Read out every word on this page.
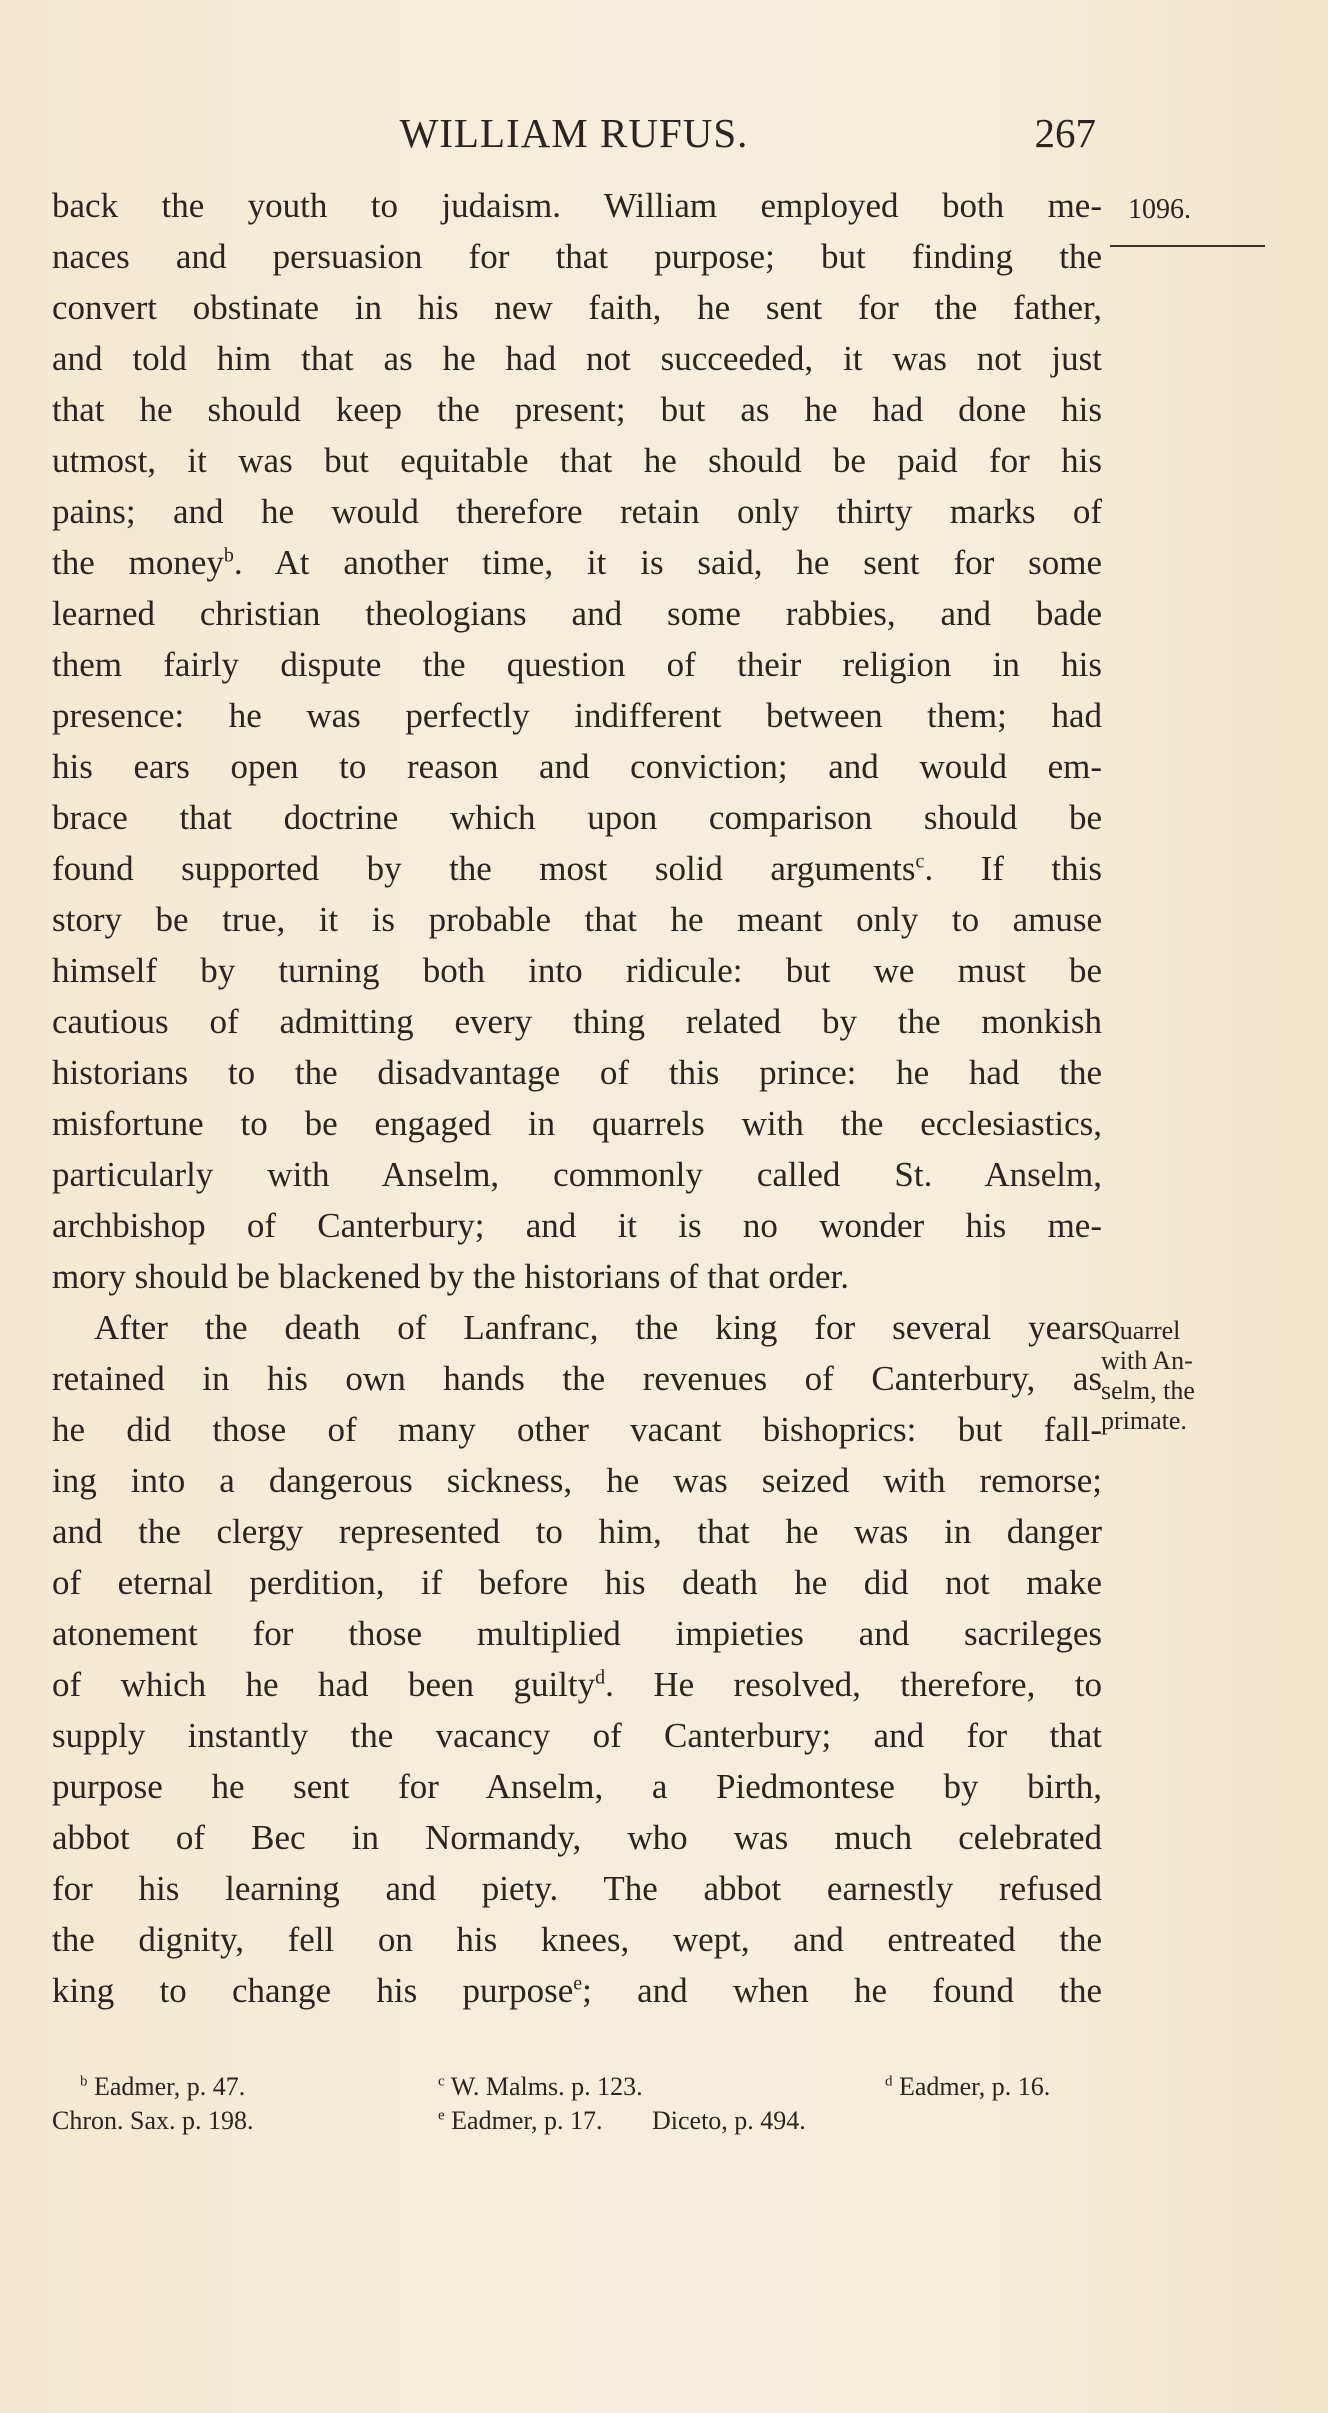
WILLIAM RUFUS.	267
1096.
back the youth to judaism. William employed both me-
naces and persuasion for that purpose; but finding the
convert obstinate in his new faith, he sent for the father,
and told him that as he had not succeeded, it was not just
that he should keep the present; but as he had done his
utmost, it was but equitable that he should be paid for his
pains; and he would therefore retain only thirty marks of
the money$^b$. At another time, it is said, he sent for some
learned christian theologians and some rabbies, and bade
them fairly dispute the question of their religion in his
presence: he was perfectly indifferent between them; had
his ears open to reason and conviction; and would em-
brace that doctrine which upon comparison should be
found supported by the most solid arguments$^c$. If this
story be true, it is probable that he meant only to amuse
himself by turning both into ridicule: but we must be
cautious of admitting every thing related by the monkish
historians to the disadvantage of this prince: he had the
misfortune to be engaged in quarrels with the ecclesiastics,
particularly with Anselm, commonly called St. Anselm,
archbishop of Canterbury; and it is no wonder his me-
mory should be blackened by the historians of that order.
After the death of Lanfranc, the king for several years
retained in his own hands the revenues of Canterbury, as
he did those of many other vacant bishoprics: but fall-
ing into a dangerous sickness, he was seized with remorse;
and the clergy represented to him, that he was in danger
of eternal perdition, if before his death he did not make
atonement for those multiplied impieties and sacrileges
of which he had been guilty$^d$. He resolved, therefore, to
supply instantly the vacancy of Canterbury; and for that
purpose he sent for Anselm, a Piedmontese by birth,
abbot of Bec in Normandy, who was much celebrated
for his learning and piety. The abbot earnestly refused
the dignity, fell on his knees, wept, and entreated the
king to change his purpose$^e$; and when he found the
Quarrel
with An-
selm, the
primate.
$^b$ Eadmer, p. 47.	$^c$ W. Malms. p. 123.	$^d$ Eadmer, p. 16.
Chron. Sax. p. 198.	$^e$ Eadmer, p. 17. Diceto, p. 494.
